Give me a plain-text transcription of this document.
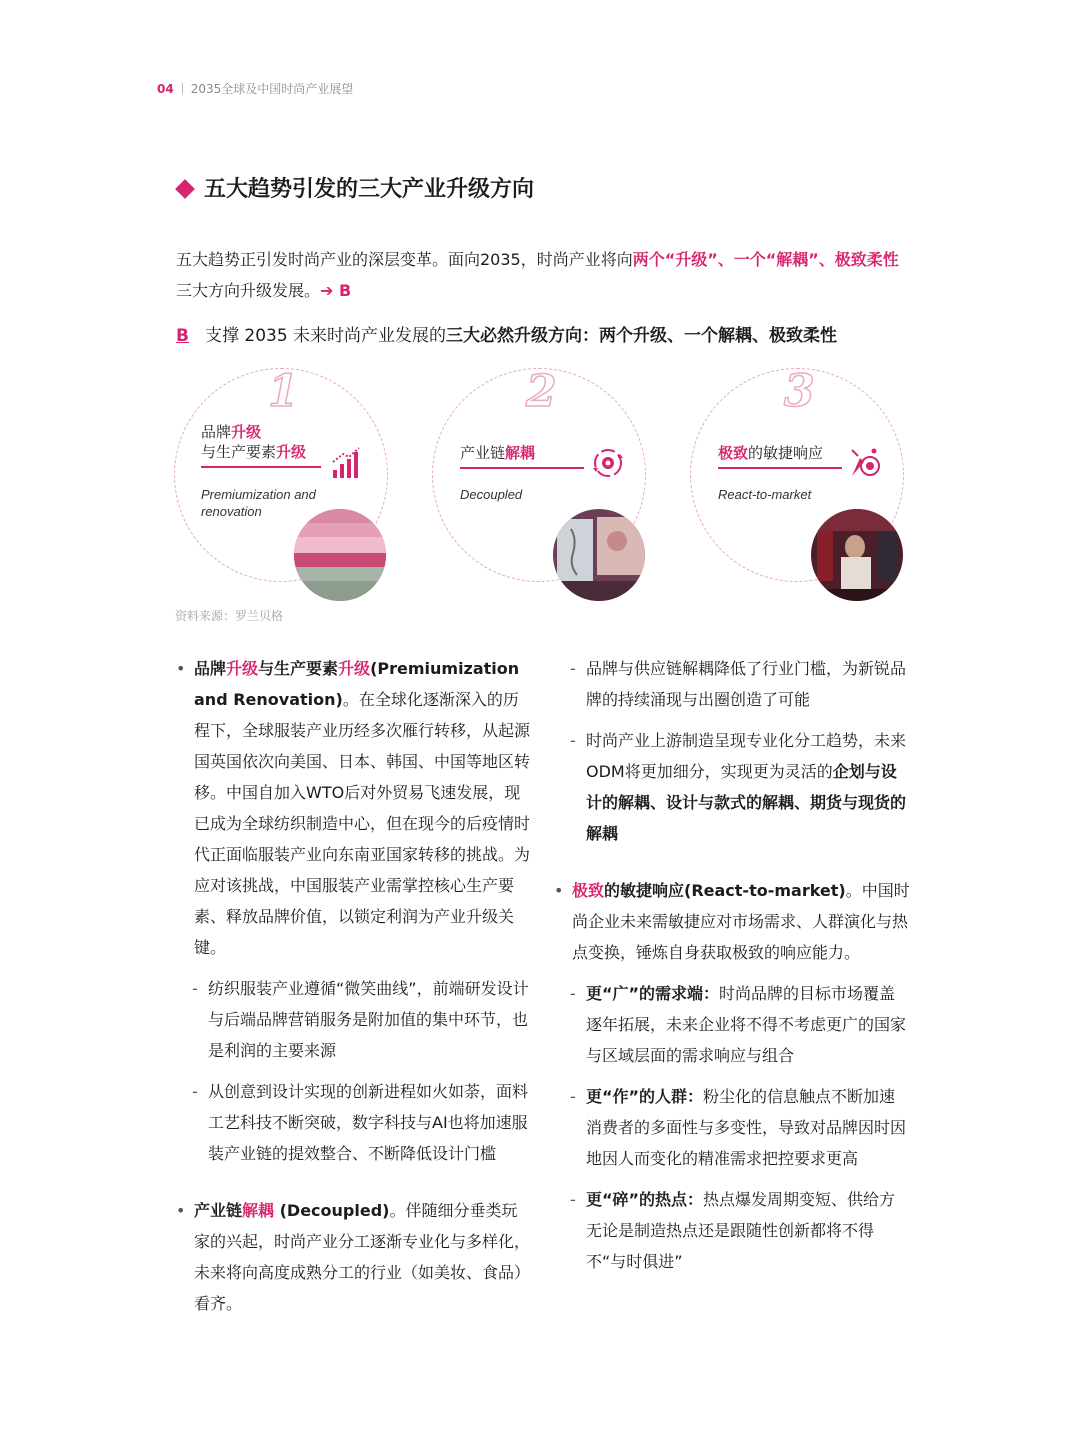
04 2035全球及中国时尚产业展望
五大趋势引发的三大产业升级方向
五大趋势正引发时尚产业的深层变革。面向2035，时尚产业将向两个“升级”、一个“解耦”、极致柔性
三大方向升级发展。➔ B
B 支撑 2035 未来时尚产业发展的三大必然升级方向：两个升级、一个解耦、极致柔性
1
品牌升级
与生产要素升级
Premiumization and renovation
2
产业链解耦
Decoupled
3
极致的敏捷响应
React-to-market
资料来源：罗兰贝格

• 品牌升级与生产要素升级(Premiumization and Renovation)。在全球化逐渐深入的历程下，全球服装产业历经多次雁行转移，从起源国英国依次向美国、日本、韩国、中国等地区转移。中国自加入WTO后对外贸易飞速发展，现已成为全球纺织制造中心，但在现今的后疫情时代正面临服装产业向东南亚国家转移的挑战。为应对该挑战，中国服装产业需掌控核心生产要素、释放品牌价值，以锁定利润为产业升级关键。

- 纺织服装产业遵循“微笑曲线”，前端研发设计与后端品牌营销服务是附加值的集中环节，也是利润的主要来源

- 从创意到设计实现的创新进程如火如荼，面料工艺科技不断突破，数字科技与AI也将加速服装产业链的提效整合、不断降低设计门槛

• 产业链解耦 (Decoupled)。伴随细分垂类玩家的兴起，时尚产业分工逐渐专业化与多样化，未来将向高度成熟分工的行业（如美妆、食品）看齐。

- 品牌与供应链解耦降低了行业门槛，为新锐品牌的持续涌现与出圈创造了可能

- 时尚产业上游制造呈现专业化分工趋势，未来ODM将更加细分，实现更为灵活的企划与设计的解耦、设计与款式的解耦、期货与现货的解耦

• 极致的敏捷响应(React-to-market)。中国时尚企业未来需敏捷应对市场需求、人群演化与热点变换，锤炼自身获取极致的响应能力。

- 更“广”的需求端：时尚品牌的目标市场覆盖逐年拓展，未来企业将不得不考虑更广的国家与区域层面的需求响应与组合

- 更“作”的人群：粉尘化的信息触点不断加速消费者的多面性与多变性，导致对品牌因时因地因人而变化的精准需求把控要求更高

- 更“碎”的热点：热点爆发周期变短、供给方无论是制造热点还是跟随性创新都将不得不“与时俱进”
